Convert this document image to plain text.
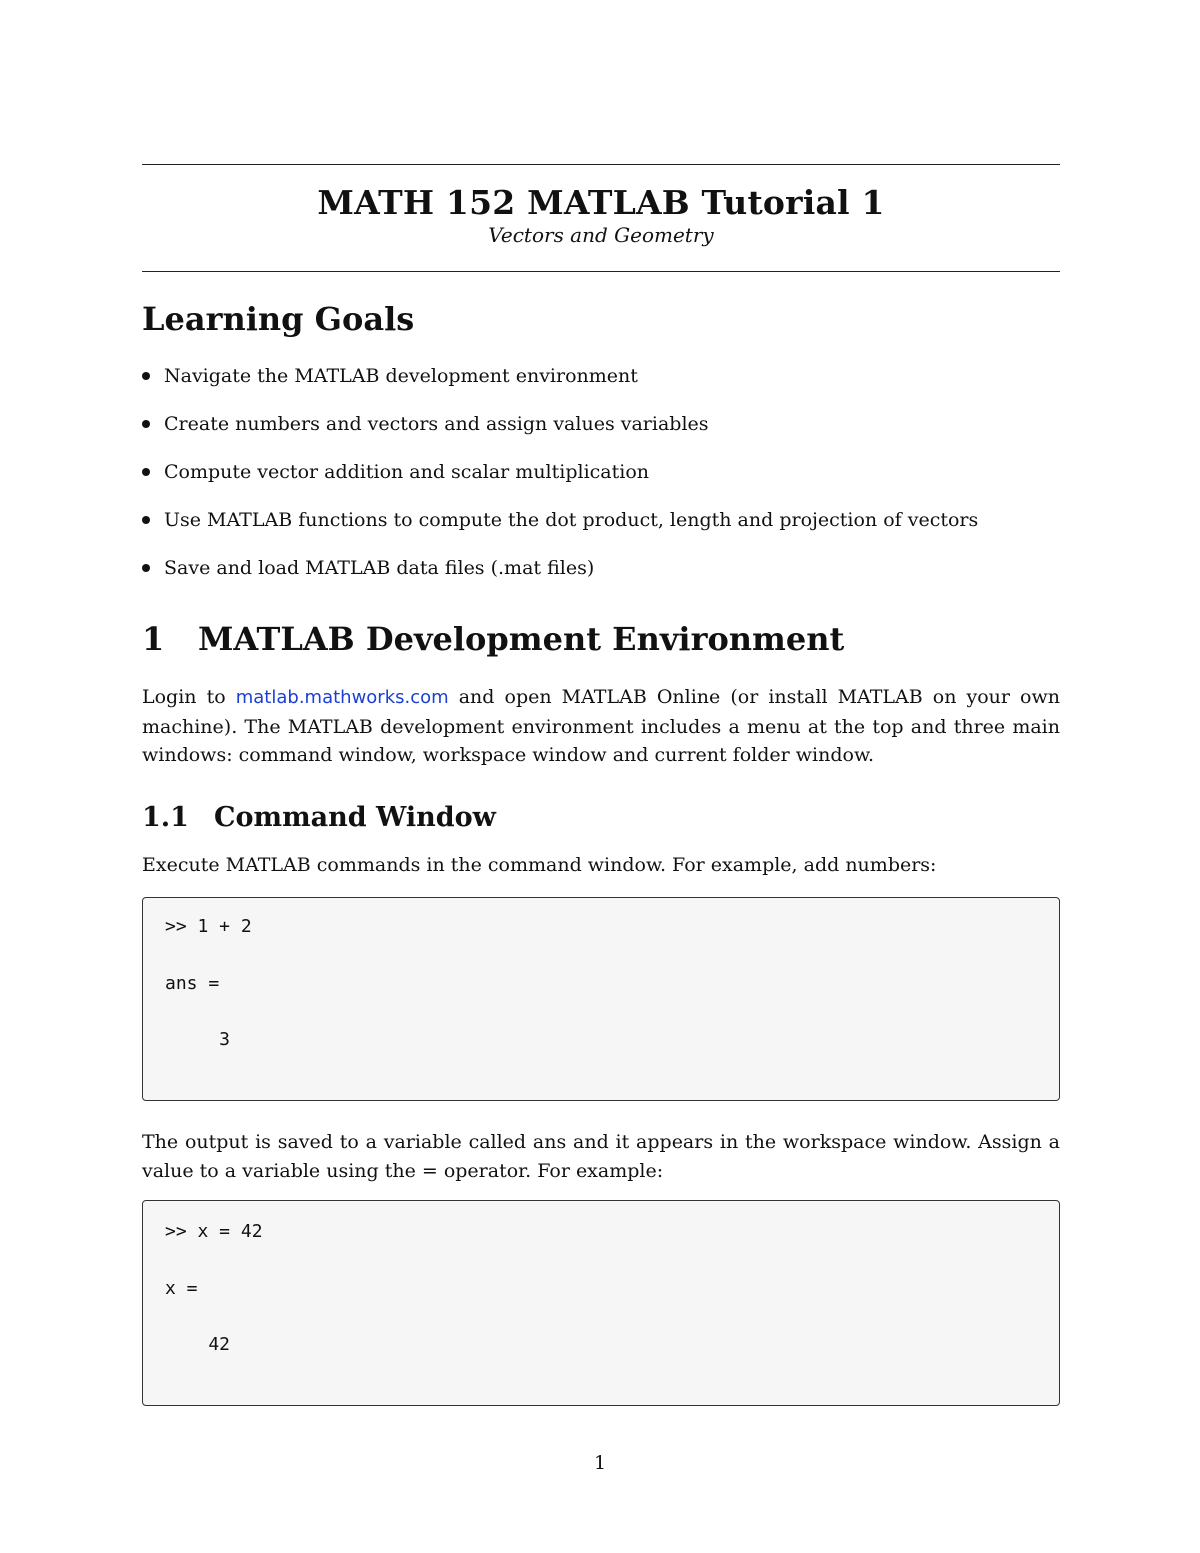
MATH 152 MATLAB Tutorial 1
Vectors and Geometry
Learning Goals
Navigate the MATLAB development environment
Create numbers and vectors and assign values variables
Compute vector addition and scalar multiplication
Use MATLAB functions to compute the dot product, length and projection of vectors
Save and load MATLAB data files (.mat files)
1 MATLAB Development Environment

Login to matlab.mathworks.com and open MATLAB Online (or install MATLAB on your own machine). The MATLAB development environment includes a menu at the top and three main windows: command window, workspace window and current folder window.

1.1 Command Window

Execute MATLAB commands in the command window. For example, add numbers:

>> 1 + 2
ans =
3

The output is saved to a variable called ans and it appears in the workspace window. Assign a value to a variable using the = operator. For example:

>> x = 42
x =
42
1
